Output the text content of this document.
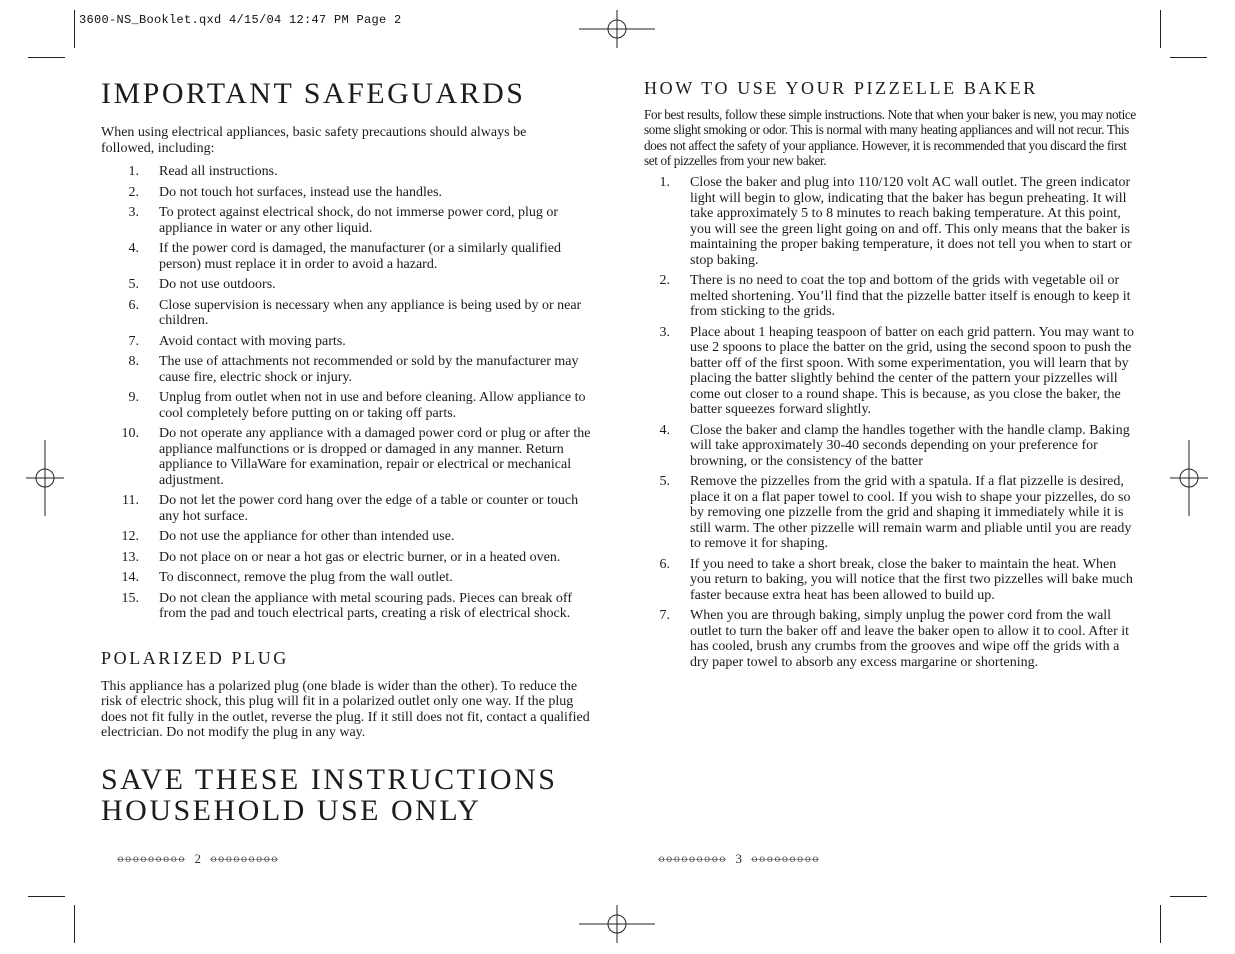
3600-NS_Booklet.qxd 4/15/04 12:47 PM Page 2
IMPORTANT SAFEGUARDS

When using electrical appliances, basic safety precautions should always be followed, including:

1. Read all instructions.
2. Do not touch hot surfaces, instead use the handles.
3. To protect against electrical shock, do not immerse power cord, plug or appliance in water or any other liquid.
4. If the power cord is damaged, the manufacturer (or a similarly qualified person) must replace it in order to avoid a hazard.
5. Do not use outdoors.
6. Close supervision is necessary when any appliance is being used by or near children.
7. Avoid contact with moving parts.
8. The use of attachments not recommended or sold by the manufacturer may cause fire, electric shock or injury.
9. Unplug from outlet when not in use and before cleaning. Allow appliance to cool completely before putting on or taking off parts.
10. Do not operate any appliance with a damaged power cord or plug or after the appliance malfunctions or is dropped or damaged in any manner. Return appliance to VillaWare for examination, repair or electrical or mechanical adjustment.
11. Do not let the power cord hang over the edge of a table or counter or touch any hot surface.
12. Do not use the appliance for other than intended use.
13. Do not place on or near a hot gas or electric burner, or in a heated oven.
14. To disconnect, remove the plug from the wall outlet.
15. Do not clean the appliance with metal scouring pads. Pieces can break off from the pad and touch electrical parts, creating a risk of electrical shock.
POLARIZED PLUG

This appliance has a polarized plug (one blade is wider than the other). To reduce the risk of electric shock, this plug will fit in a polarized outlet only one way. If the plug does not fit fully in the outlet, reverse the plug. If it still does not fit, contact a qualified electrician. Do not modify the plug in any way.

SAVE THESE INSTRUCTIONS
HOUSEHOLD USE ONLY
HOW TO USE YOUR PIZZELLE BAKER

For best results, follow these simple instructions. Note that when your baker is new, you may notice some slight smoking or odor. This is normal with many heating appliances and will not recur. This does not affect the safety of your appliance. However, it is recommended that you discard the first set of pizzelles from your new baker.

1. Close the baker and plug into 110/120 volt AC wall outlet. The green indicator light will begin to glow, indicating that the baker has begun preheating. It will take approximately 5 to 8 minutes to reach baking temperature. At this point, you will see the green light going on and off. This only means that the baker is maintaining the proper baking temperature, it does not tell you when to start or stop baking.
2. There is no need to coat the top and bottom of the grids with vegetable oil or melted shortening. You’ll find that the pizzelle batter itself is enough to keep it from sticking to the grids.
3. Place about 1 heaping teaspoon of batter on each grid pattern. You may want to use 2 spoons to place the batter on the grid, using the second spoon to push the batter off of the first spoon. With some experimentation, you will learn that by placing the batter slightly behind the center of the pattern your pizzelles will come out closer to a round shape. This is because, as you close the baker, the batter squeezes forward slightly.
4. Close the baker and clamp the handles together with the handle clamp. Baking will take approximately 30-40 seconds depending on your preference for browning, or the consistency of the batter
5. Remove the pizzelles from the grid with a spatula. If a flat pizzelle is desired, place it on a flat paper towel to cool. If you wish to shape your pizzelles, do so by removing one pizzelle from the grid and shaping it immediately while it is still warm. The other pizzelle will remain warm and pliable until you are ready to remove it for shaping.
6. If you need to take a short break, close the baker to maintain the heat. When you return to baking, you will notice that the first two pizzelles will bake much faster because extra heat has been allowed to build up.
7. When you are through baking, simply unplug the power cord from the wall outlet to turn the baker off and leave the baker open to allow it to cool. After it has cooled, brush any crumbs from the grooves and wipe off the grids with a dry paper towel to absorb any excess margarine or shortening.
ꝋꝋꝋꝋꝋꝋꝋꝋꝋ 2 ꝋꝋꝋꝋꝋꝋꝋꝋꝋ	ꝋꝋꝋꝋꝋꝋꝋꝋꝋ 3 ꝋꝋꝋꝋꝋꝋꝋꝋꝋ
